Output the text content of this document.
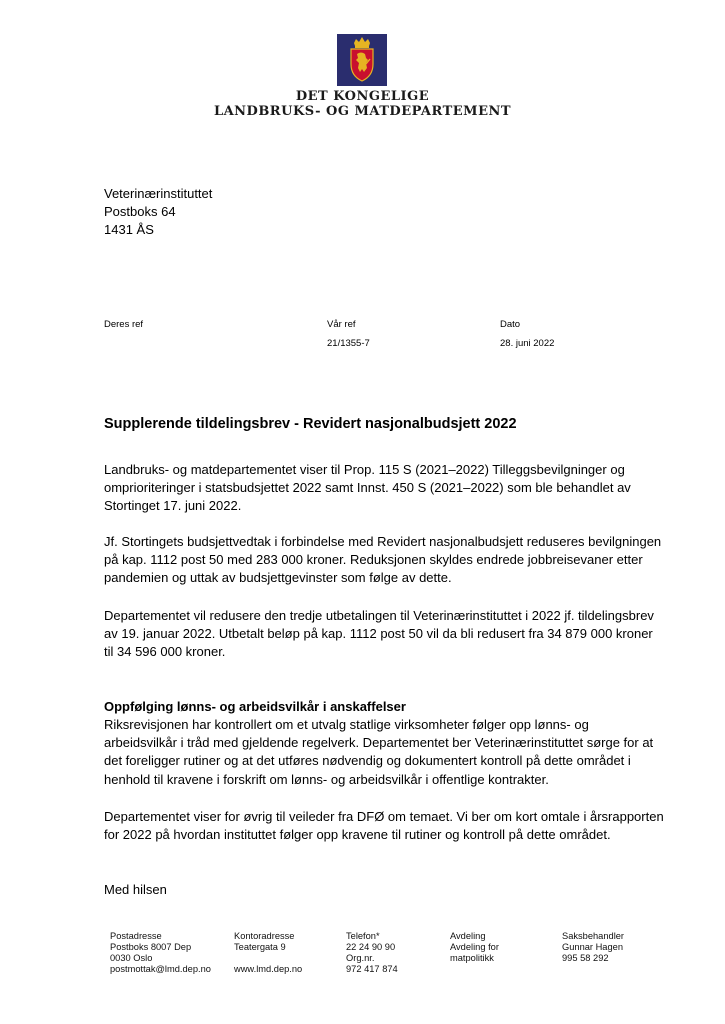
DET KONGELIGE
LANDBRUKS- OG MATDEPARTEMENT
Veterinærinstituttet
Postboks 64
1431 ÅS
Deres ref	Vår ref
21/1355-7
Dato
28. juni 2022
Supplerende tildelingsbrev - Revidert nasjonalbudsjett 2022

Landbruks- og matdepartementet viser til Prop. 115 S (2021–2022) Tilleggsbevilgninger og omprioriteringer i statsbudsjettet 2022 samt Innst. 450 S (2021–2022) som ble behandlet av Stortinget 17. juni 2022.

Jf. Stortingets budsjettvedtak i forbindelse med Revidert nasjonalbudsjett reduseres bevilgningen på kap. 1112 post 50 med 283 000 kroner. Reduksjonen skyldes endrede jobbreisevaner etter pandemien og uttak av budsjettgevinster som følge av dette.

Departementet vil redusere den tredje utbetalingen til Veterinærinstituttet i 2022 jf. tildelingsbrev av 19. januar 2022. Utbetalt beløp på kap. 1112 post 50 vil da bli redusert fra 34 879 000 kroner til 34 596 000 kroner.

Oppfølging lønns- og arbeidsvilkår i anskaffelser

Riksrevisjonen har kontrollert om et utvalg statlige virksomheter følger opp lønns- og arbeidsvilkår i tråd med gjeldende regelverk. Departementet ber Veterinærinstituttet sørge for at det foreligger rutiner og at det utføres nødvendig og dokumentert kontroll på dette området i henhold til kravene i forskrift om lønns- og arbeidsvilkår i offentlige kontrakter.

Departementet viser for øvrig til veileder fra DFØ om temaet. Vi ber om kort omtale i årsrapporten for 2022 på hvordan instituttet følger opp kravene til rutiner og kontroll på dette området.

Med hilsen

Postadresse
Postboks 8007 Dep
0030 Oslo
postmottak@lmd.dep.no
Kontoradresse
Teatergata 9
www.lmd.dep.no
Telefon*
22 24 90 90
Org.nr.
972 417 874
Avdeling
Avdeling for
matpolitikk
Saksbehandler
Gunnar Hagen
995 58 292
